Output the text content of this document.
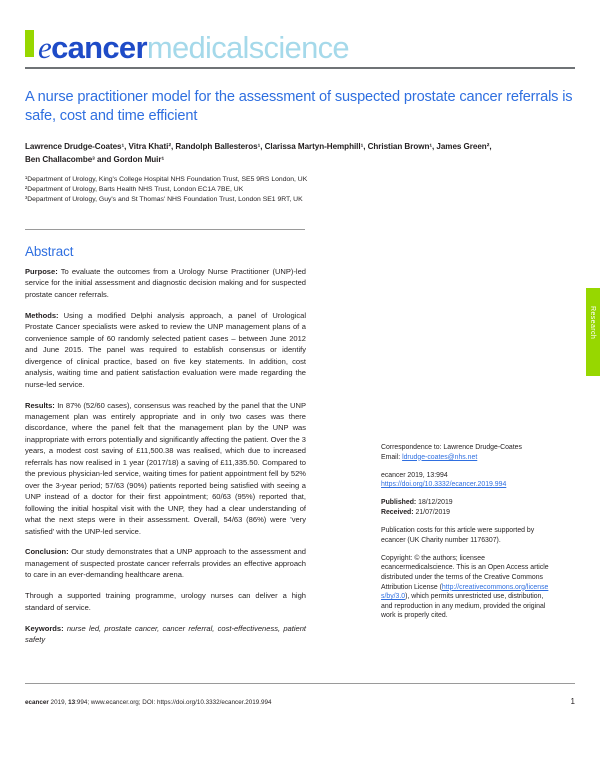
ecancermedicalscience
A nurse practitioner model for the assessment of suspected prostate cancer referrals is safe, cost and time efficient
Lawrence Drudge-Coates¹, Vitra Khati², Randolph Ballesteros¹, Clarissa Martyn-Hemphill¹, Christian Brown¹, James Green²,
Ben Challacombe³ and Gordon Muir¹
¹Department of Urology, King's College Hospital NHS Foundation Trust, SE5 9RS London, UK
²Department of Urology, Barts Health NHS Trust, London EC1A 7BE, UK
³Department of Urology, Guy's and St Thomas' NHS Foundation Trust, London SE1 9RT, UK
Abstract

Purpose: To evaluate the outcomes from a Urology Nurse Practitioner (UNP)-led service for the initial assessment and diagnostic decision making and for suspected prostate cancer referrals.

Methods: Using a modified Delphi analysis approach, a panel of Urological Prostate Cancer specialists were asked to review the UNP management plans of a convenience sample of 60 randomly selected patient cases – between June 2012 and June 2015. The panel was required to establish consensus or identify divergence of clinical practice, based on five key statements. In addition, cost analysis, waiting time and patient satisfaction evaluation were made regarding the nurse-led service.

Results: In 87% (52/60 cases), consensus was reached by the panel that the UNP management plan was entirely appropriate and in only two cases was there discordance, where the panel felt that the management plan by the UNP was inappropriate with errors potentially and significantly affecting the patient. Over the 3 years, a modest cost saving of £11,500.38 was realised, which due to increased referrals has now realised in 1 year (2017/18) a saving of £11,335.50. Compared to the previous physician-led service, waiting times for patient appointment fell by 52% over the 3-year period; 57/63 (90%) patients reported being satisfied with seeing a UNP instead of a doctor for their first appointment; 60/63 (95%) reported that, following the initial hospital visit with the UNP, they had a clear understanding of what the next steps were in their assessment. Overall, 54/63 (86%) were 'very satisfied' with the UNP-led service.

Conclusion: Our study demonstrates that a UNP approach to the assessment and management of suspected prostate cancer referrals provides an effective approach to care in an ever-demanding healthcare arena.

Through a supported training programme, urology nurses can deliver a high standard of service.

Keywords: nurse led, prostate cancer, cancer referral, cost-effectiveness, patient safety

Correspondence to: Lawrence Drudge-Coates
Email: ldrudge-coates@nhs.net

ecancer 2019, 13:994
https://doi.org/10.3332/ecancer.2019.994

Published: 18/12/2019
Received: 21/07/2019

Publication costs for this article were supported by ecancer (UK Charity number 1176307).

Copyright: © the authors; licensee ecancermedicalscience. This is an Open Access article distributed under the terms of the Creative Commons Attribution License (http://creativecommons.org/licenses/by/3.0), which permits unrestricted use, distribution, and reproduction in any medium, provided the original work is properly cited.

Research
ecancer 2019, 13:994; www.ecancer.org; DOI: https://doi.org/10.3332/ecancer.2019.994	1
